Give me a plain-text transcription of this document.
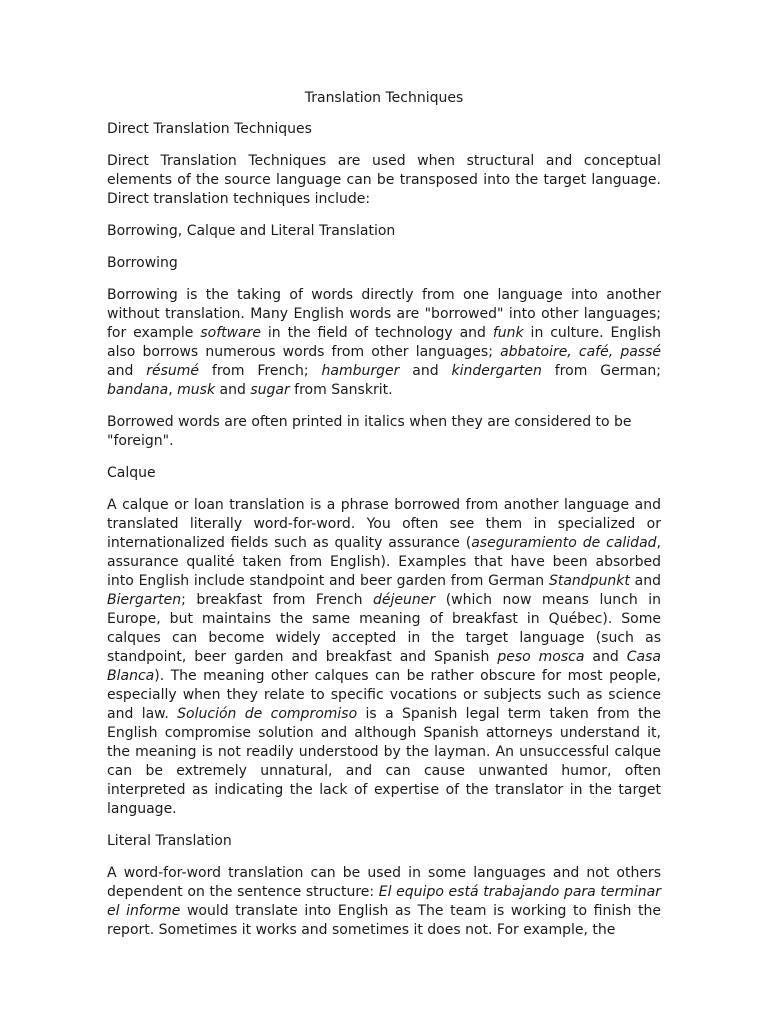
Translation Techniques
Direct Translation Techniques

Direct Translation Techniques are used when structural and conceptual elements of the source language can be transposed into the target language. Direct translation techniques include:

Borrowing, Calque and Literal Translation
Borrowing

Borrowing is the taking of words directly from one language into another without translation. Many English words are "borrowed" into other languages; for example software in the field of technology and funk in culture. English also borrows numerous words from other languages; abbatoire, café, passé and résumé from French; hamburger and kindergarten from German; bandana, musk and sugar from Sanskrit.

Borrowed words are often printed in italics when they are considered to be "foreign".

Calque

A calque or loan translation is a phrase borrowed from another language and translated literally word-for-word. You often see them in specialized or internationalized fields such as quality assurance (aseguramiento de calidad, assurance qualité taken from English). Examples that have been absorbed into English include standpoint and beer garden from German Standpunkt and Biergarten; breakfast from French déjeuner (which now means lunch in Europe, but maintains the same meaning of breakfast in Québec). Some calques can become widely accepted in the target language (such as standpoint, beer garden and breakfast and Spanish peso mosca and Casa Blanca). The meaning other calques can be rather obscure for most people, especially when they relate to specific vocations or subjects such as science and law. Solución de compromiso is a Spanish legal term taken from the English compromise solution and although Spanish attorneys understand it, the meaning is not readily understood by the layman. An unsuccessful calque can be extremely unnatural, and can cause unwanted humor, often interpreted as indicating the lack of expertise of the translator in the target language.

Literal Translation

A word-for-word translation can be used in some languages and not others dependent on the sentence structure: El equipo está trabajando para terminar el informe would translate into English as The team is working to finish the report. Sometimes it works and sometimes it does not. For example, the
